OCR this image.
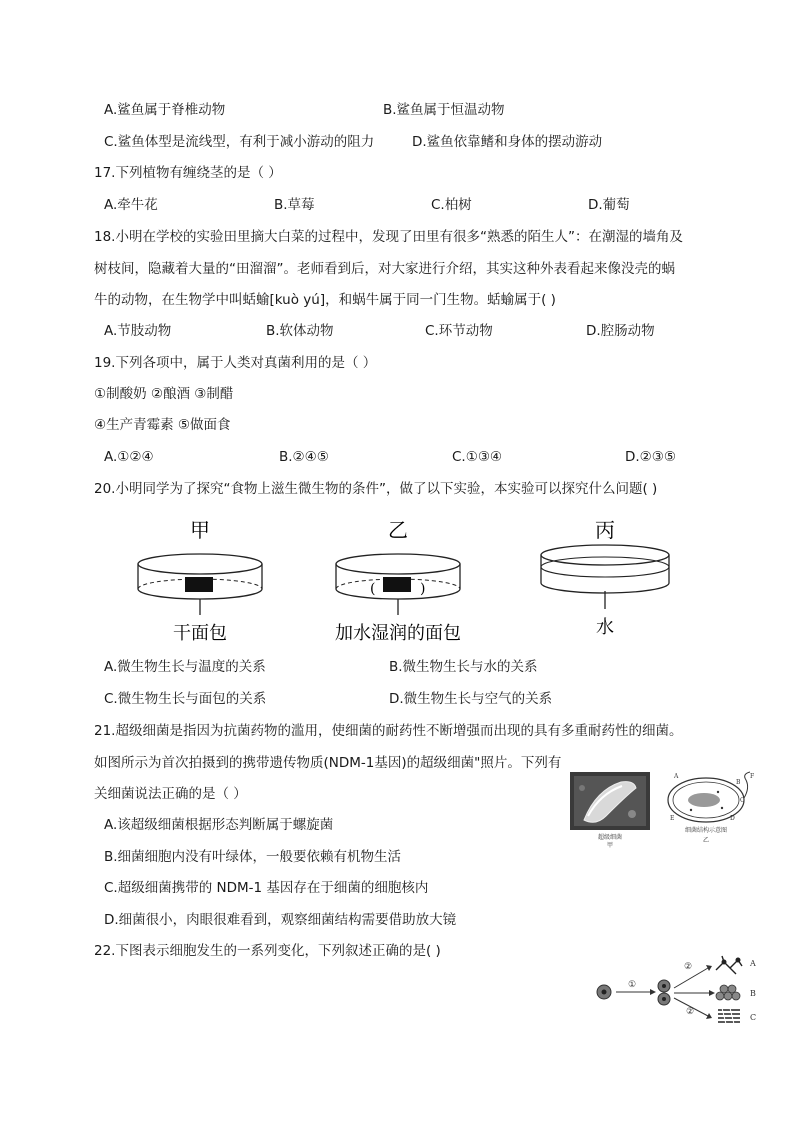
A.鲨鱼属于脊椎动物	B.鲨鱼属于恒温动物
C.鲨鱼体型是流线型，有利于减小游动的阻力	D.鲨鱼依靠鳍和身体的摆动游动
17.下列植物有缠绕茎的是（ ）
A.牵牛花	B.草莓	C.柏树	D.葡萄
18.小明在学校的实验田里摘大白菜的过程中，发现了田里有很多“熟悉的陌生人”：在潮湿的墙角及
树枝间，隐藏着大量的“田溜溜”。老师看到后，对大家进行介绍，其实这种外表看起来像没壳的蜗
牛的动物，在生物学中叫蛞蝓[kuò yú]，和蜗牛属于同一门生物。蛞蝓属于( )
A.节肢动物	B.软体动物	C.环节动物	D.腔肠动物
19.下列各项中，属于人类对真菌利用的是（ ）
①制酸奶 ②酿酒 ③制醋
④生产青霉素 ⑤做面食
A.①②④	B.②④⑤	C.①③④	D.②③⑤
20.小明同学为了探究“食物上滋生微生物的条件”，做了以下实验，本实验可以探究什么问题( )
甲
干面包
乙
(	)
加水湿润的面包
丙
水
A.微生物生长与温度的关系	B.微生物生长与水的关系
C.微生物生长与面包的关系	D.微生物生长与空气的关系
21.超级细菌是指因为抗菌药物的滥用，使细菌的耐药性不断增强而出现的具有多重耐药性的细菌。
如图所示为首次拍摄到的携带遗传物质(NDM-1基因)的超级细菌"照片。下列有
关细菌说法正确的是（ ）
超级细菌
甲
A
B
C
D
E
F
细菌结构示意图
乙
A.该超级细菌根据形态判断属于螺旋菌
B.细菌细胞内没有叶绿体，一般要依赖有机物生活
C.超级细菌携带的 NDM-1 基因存在于细菌的细胞核内
D.细菌很小，肉眼很难看到，观察细菌结构需要借助放大镜
22.下图表示细胞发生的一系列变化，下列叙述正确的是( )
①
②
②
A
B
C
